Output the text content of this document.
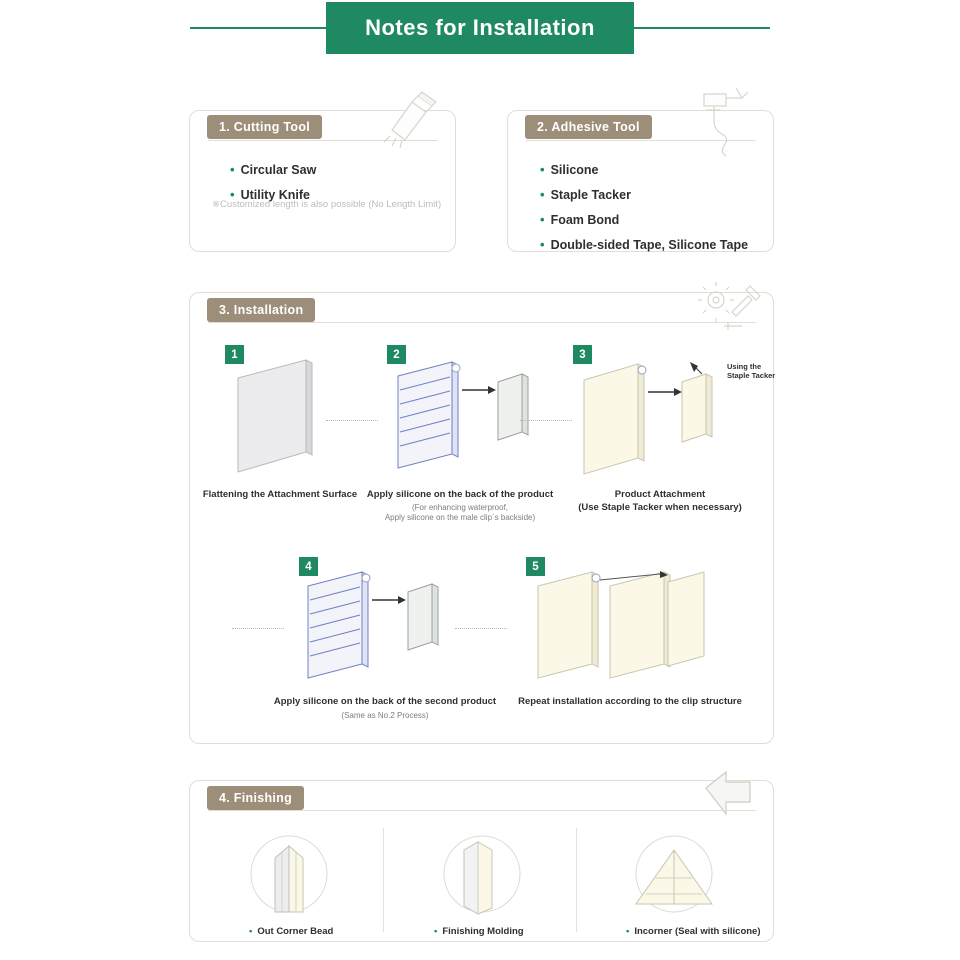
Notes for Installation
1. Cutting Tool
• Circular Saw
• Utility Knife
※Customized length is also possible (No Length Limit)
2. Adhesive Tool
• Silicone
• Staple Tacker
• Foam Bond
• Double-sided Tape, Silicone Tape
3. Installation
1
Flattening the Attachment Surface
2
Apply silicone on the back of the product
(For enhancing waterproof,
Apply silicone on the male clip`s backside)
3
Using the
Staple Tacker
Product Attachment
(Use Staple Tacker when necessary)
4
Apply silicone on the back of the second product
(Same as No.2 Process)
5
Repeat installation according to the clip structure
4. Finishing
• Out Corner Bead	• Finishing Molding	• Incorner (Seal with silicone)
